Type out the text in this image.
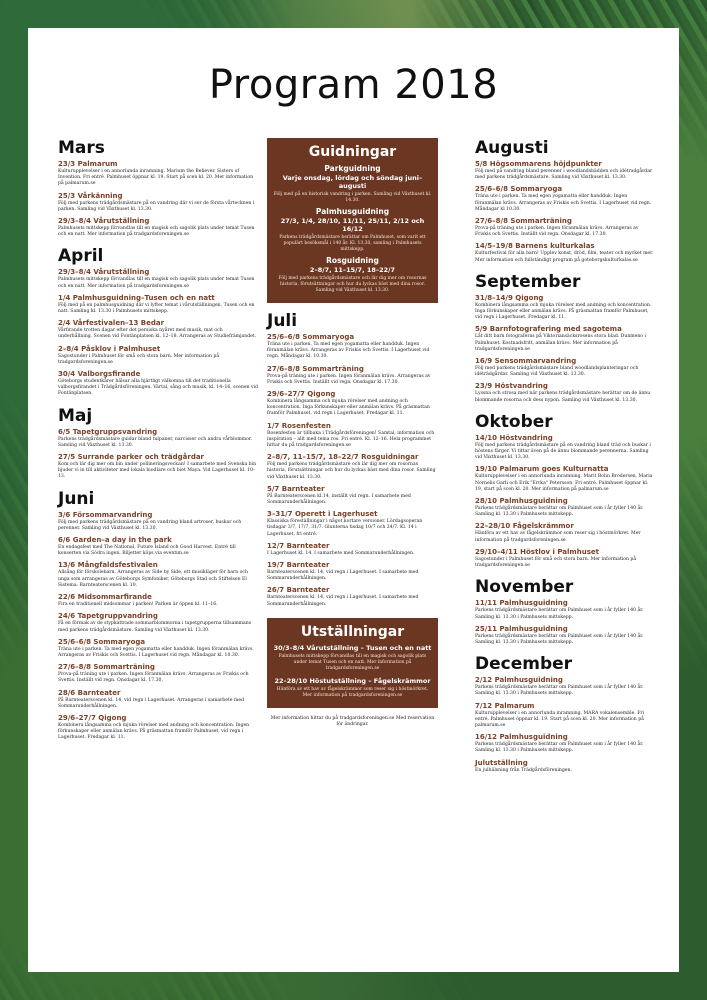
Program 2018
Mars
23/3 Palmarum

Kulturupplevelser i en annorlunda inramning. Marium the Believer, Sisters of Invention. Fri entré. Palmhuset öppnar kl. 19. Start på scen kl. 20. Mer information på palmarum.se

25/3 Vårkänning

Följ med parkens trädgårdsmästare på en vandring där vi ser de första vårtecknen i parken. Samling vid Växthuset kl. 13.30.

29/3–8/4 Vårutställning

Palmhusets mittskepp förvandlas till en magisk och sagolik plats under temat Tusen och en natt. Mer information på tradgardsforeningen.se

April
29/3–8/4 Vårutställning

Palmhusets mittskepp förvandlas till en magisk och sagolik plats under temat Tusen och en natt. Mer information på tradgardsforeningen.se

1/4 Palmhusguidning–Tusen och en natt

Följ med på en palmhusguidning där vi lyfter temat i vårutställningen, Tusen och en natt. Samling kl. 13.30 i Palmhusets mittskepp.

2/4 Vårfestivalen–13 Bedar

Vårfirande trotten dagar efter det persiska nyåret med musik, mat och underhållning. Scenen vid Fontänplatsen kl. 12–18. Arrangeras av Studiefrämjandet.

2–8/4 Påsklov i Palmhuset

Sagostunder i Palmhuset för små och stora barn. Mer information på tradgardsforeningen.se

30/4 Valborgsfirande

Göteborgs studentkårer hälsar alla hjärtligt välkomna till det traditionella valborgsfirandet i Trädgårdsföreningen. Värtal, sång och musik, kl. 14–16, scenen vid Fontänplatsen.

Maj
6/5 Tapetgruppsvandring

Parkens trädgårdsmästare guidar bland tulpaner, narcisser och andra vårblommor. Samling vid Växthuset kl. 13.30.

27/5 Surrande parker och trädgårdar

Kom och lär dig mer om bin under pollineringsveckan! I samarbete med Svenska bin bjuder vi in till aktiviteter med lokala biodlare och biet Maya. Vid Lagerhuset kl. 10–13.

Juni
3/6 Försommarvandring

Följ med parkens trädgårdsmästare på en vandring bland artroser, buskar och perenner. Samling vid Växthuset kl. 13.30.

6/6 Garden–a day in the park

En endagsfest med The National, Future Island och Good Harvest. Entré till konserten via Södra ingen. Biljetter köps via eventim.se

13/6 Mångfaldsfestivalen

Allsång för förskolebarn. Arrangeras av Side by Side, ett musikläger för barn och unga som arrangeras av Göteborgs Symfoniker, Göteborgs Stad och Stiftelsen El Sistema. Barnteaterscenen kl. 10.

22/6 Midsommarfirande

Fira en traditionell midsommar i parken! Parken är öppen kl. 11–16.

24/6 Tapetgruppvandring

Få en förmak av de stypkattrade sommarblommorna i tapetgrupperna tillsammans med parkens trädgårdsmästare. Samling vid Växthuset kl. 13.30.

25/6–6/8 Sommaryoga

Träna ute i parken. Ta med egen yogamatta eller handduk. Ingen föranmälan krävs. Arrangeras av Friskis och Svettis. I Lagerhuset vid regn. Måndagar kl. 10.30.

27/6–8/8 Sommarträning

Prova-på träning ute i parken. Ingen föranmälan krävs. Arrangeras av Friskis och Svettis. Inställt vid regn. Onsdagar kl. 17.30.

28/6 Barnteater

På Barnteaterscenen kl. 14, vid regn i Lagerhuset. Arrangeras i samarbete med Sommarunderhållningen.

29/6–27/7 Qigong

Kombinera långsamma och mjuka rörelser med andning och koncentration. Ingen förkunskaper eller anmälan krävs. På gräsmattan framför Palmhuset, vid regn i Lagerhuset. Fredagar kl. 11.

Guidningar
Parkguidning
Varje onsdag, lördag och söndag juni–augusti

Följ med på en historisk vandring i parken. Samling vid Växthuset kl. 14.30.

Palmhusguidning
27/3, 1/4, 28/10, 11/11, 25/11, 2/12 och 16/12

Parkens trädgårdsmästare berättar om Palmhuset, som varit ett populärt besöksmål i 140 år. Kl. 13.30, samling i Palmhusets mittskepp.

Rosguidning
2–8/7, 11–15/7, 18–22/7

Följ med parkens trädgårdsmästare och lär dig mer om rosornas historia, förutsättningar och hur du lyckas bäst med dina rosor. Samling vid Växthuset kl. 13.30.

Juli
25/6–6/8 Sommaryoga

Träna ute i parken. Ta med egen yogamatta eller handduk. Ingen föranmälan krävs. Arrangeras av Friskis och Svettis. I Lagerhuset vid regn. Måndagar kl. 10.30.

27/6–8/8 Sommarträning

Prova-på träning ute i parken. Ingen föranmälan krävs. Arrangeras av Friskis och Svettis. Inställt vid regn. Onsdagar kl. 17.30.

29/6–27/7 Qigong

Kombinera långsamma och mjuka rörelser med andning och koncentration. Inga förkunskaper eller anmälan krävs. På gräsmattan framför Palmhuset, vid regn i Lagerhuset. Fredagar kl. 11.

1/7 Rosenfesten

Rosenfesten är tillbaka i Trädgårdsföreningen! Samtal, information och inspiration – allt med tema ros. Fri entré. Kl. 12–16. Hela programmet hittar du på tradgardsforeningen.se

2–8/7, 11–15/7, 18–22/7 Rosguidningar

Följ med parkens trädgårdsmästare och lär dig mer om rosornas historia, förutsättningar och hur du lyckas bäst med dina rosor. Samling vid Växthuset kl. 13.30.

5/7 Barnteater

På Barnteaterscenen kl.14, inställt vid regn. I samarbete med Sommarunderhållningen.

3–31/7 Operett i Lagerhuset

Klassiska föreställningar i något kortare versioner. Lördagsoperan tisdagar 3/7, 17/7, 31/7. Glunterna tisdag 10/7 och 24/7. Kl. 14 i Lagerhuset, fri entré.

12/7 Barnteater

I Lagerhuset kl. 14. I samarbete med Sommarunderhållningen.

19/7 Barnteater

Barnteaterscenen kl. 14, vid regn i Lagerhuset. I samarbete med Sommarunderhållningen.

26/7 Barnteater

Barnteaterscenen kl. 14, vid regn i Lagerhuset. I samarbete med Sommarunderhållningen.

Utställningar
30/3–8/4 Vårutställning – Tusen och en natt

Palmhusets mittskepp förvandlas till en magisk och sagolik plats under temat Tusen och en natt. Mer information på tradgardsforeningen.se

22–28/10 Höstutställning – Fågelskrämmor

Hänföra av ett hav av fågelskrämmor som reser sig i höstmörkret. Mer information på tradgardsforeningen.se

Mer information hittar du på tradgardsforeningen.se Med reservation för ändringar.
Augusti
5/8 Högsommarens höjdpunkter

Följ med på vandring bland perenner i woodlandsbädden och idétradgårdar med parkens trädgårdsmästare. Samling vid Växthuset kl. 13.30.

25/6–6/8 Sommaryoga

Träna ute i parken. Ta med egen yogamatta eller handduk. Ingen föranmälan krävs. Arrangeras av Friskis och Svettis. I Lagerhuset vid regn. Måndagar kl 10.30.

27/6–8/8 Sommarträning

Prova-på träning ute i parken. Ingen föranmälan krävs. Arrangeras av Friskis och Svettis. Inställt vid regn. Onsdagar kl. 17.30.

14/5–19/8 Barnens kulturkalas

Kulturfestival för alla barn! Upplev konst, dröd, film, teater och mycket mer. Mer information och fullständigt program på goteborgskulturkalas.se

September
31/8–14/9 Qigong

Kombinera långsamma och mjuka rörelser med andning och koncentration. Inga förkunskaper eller anmälan krävs. På gräsmattan framför Palmhuset, vid regn i Lagerhuset. Fredagar kl. 11.

5/9 Barnfotografering med sagotema

Låt ditt barn fotograferas på Viktoriansäcksrosens stora blad. Dunmeno i Palmhuset. Kostnadsfritt, anmälan krävs. Mer information på tradgardsforeningen.se

16/9 Sensommarvandring

Följ med parkens trädgårdsmästare bland woodlandsplanteringar och idéträdgårdar. Samling vid Växthuset kl. 13.30.

23/9 Höstvandring

Lyssna och strosa med när parkens trädgårdsmästare berättar om de ännu blommande rosorna och dess nypon. Samling vid Växthuset kl. 13.30.

Oktober
14/10 Höstvandring

Följ med parkens trädgårdsmästare på en vandring bland träd och buskar i höstens färger. Vi tittar även på de ännu blommande perennerna. Samling vid Växthuset kl. 13.30.

19/10 Palmarum goes Kulturnatta

Kulturupplevelser i en annorlunda inramning. Marit Bohn Brodersen, Maria Nornelis Garli och Erik "Errka" Petersson. Fri entré. Palmhuset öppnar kl. 19, start på scen kl. 20. Mer information på palmarum.se

28/10 Palmhusguidning

Parkens trädgårdsmästare berättar om Palmhuset som i år fyller 140 år. Samling kl. 13.30 i Palmhusets mittskepp.

22–28/10 Fågelskrämmor

Hänföra av ett hav av fågelskrämmor som reser sig i höstmörkret. Mer information på tradgardsforeningen.se

29/10–4/11 Höstlov i Palmhuset

Sagostunder i Palmhuset för små och stora barn. Mer information på tradgardsforeningen.se

November
11/11 Palmhusguidning

Parkens trädgårdsmästare berättar om Palmhuset som i år fyller 140 år. Samling kl. 13.30 i Palmhusets mittskepp.

25/11 Palmhusguidning

Parkens trädgårdsmästare berättar om Palmhuset som i år fyller 140 år. Samling kl. 13.30 i Palmhusets mittskepp.

December
2/12 Palmhusguidning

Parkens trädgårdsmästare berättar om Palmhuset som i år fyller 140 år. Samling kl. 13.30 i Palmhusets mittskepp.

7/12 Palmarum

Kulturupplevelser i en annorlunda inramning. MARA vokalensemble. Fri entré. Palmhuset öppnar kl. 19. Start på scen kl. 20. Mer information på palmarum.se

16/12 Palmhusguidning

Parkens trädgårdsmästare berättar om Palmhuset som i år fyller 140 år. Samling kl. 13.30 i Palmhusets mittskepp.

Julutställning

En julhälsning från Trädgårdsföreningen.
